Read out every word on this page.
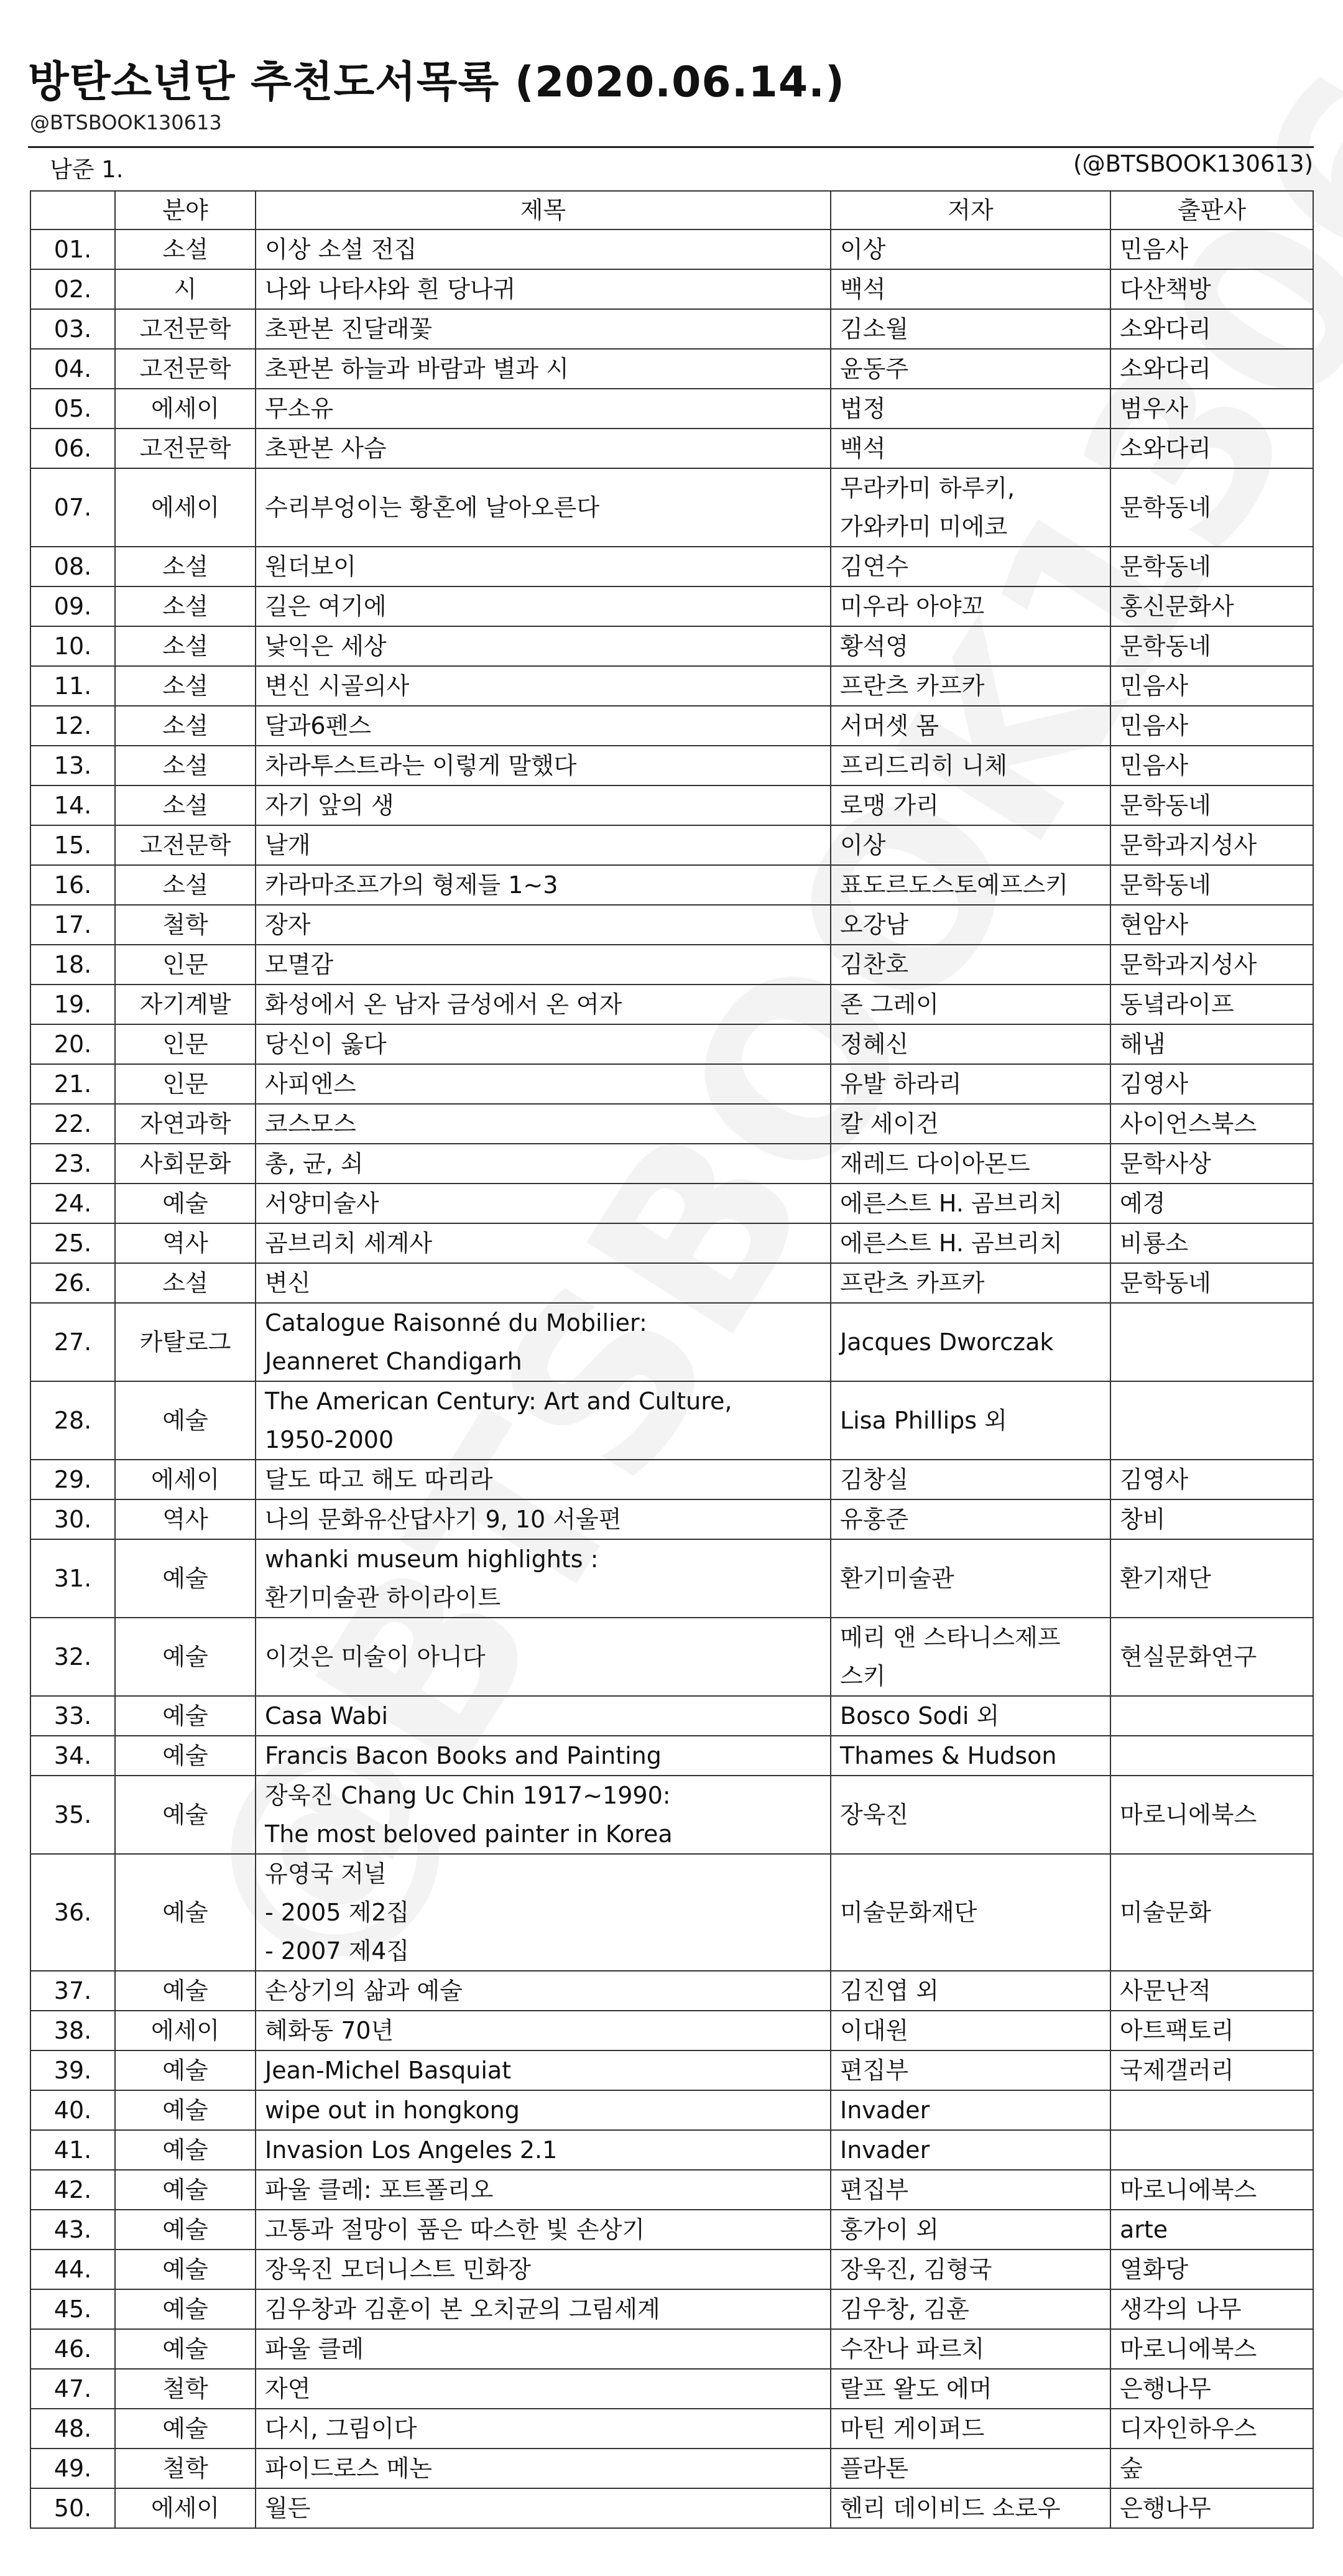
방탄소년단 추천도서목록 (2020.06.14.)
@BTSBOOK130613
남준 1.	(@BTSBOOK130613)
	분야	제목	저자	출판사
01.	소설	이상 소설 전집	이상	민음사
02.	시	나와 나타샤와 흰 당나귀	백석	다산책방
03.	고전문학	초판본 진달래꽃	김소월	소와다리
04.	고전문학	초판본 하늘과 바람과 별과 시	윤동주	소와다리
05.	에세이	무소유	법정	범우사
06.	고전문학	초판본 사슴	백석	소와다리
07.	에세이	수리부엉이는 황혼에 날아오른다	무라카미 하루키,
가와카미 미에코	문학동네
08.	소설	원더보이	김연수	문학동네
09.	소설	길은 여기에	미우라 아야꼬	홍신문화사
10.	소설	낯익은 세상	황석영	문학동네
11.	소설	변신 시골의사	프란츠 카프카	민음사
12.	소설	달과6펜스	서머셋 몸	민음사
13.	소설	차라투스트라는 이렇게 말했다	프리드리히 니체	민음사
14.	소설	자기 앞의 생	로맹 가리	문학동네
15.	고전문학	날개	이상	문학과지성사
16.	소설	카라마조프가의 형제들 1~3	표도르도스토예프스키	문학동네
17.	철학	장자	오강남	현암사
18.	인문	모멸감	김찬호	문학과지성사
19.	자기계발	화성에서 온 남자 금성에서 온 여자	존 그레이	동녘라이프
20.	인문	당신이 옳다	정혜신	해냄
21.	인문	사피엔스	유발 하라리	김영사
22.	자연과학	코스모스	칼 세이건	사이언스북스
23.	사회문화	총, 균, 쇠	재레드 다이아몬드	문학사상
24.	예술	서양미술사	에른스트 H. 곰브리치	예경
25.	역사	곰브리치 세계사	에른스트 H. 곰브리치	비룡소
26.	소설	변신	프란츠 카프카	문학동네
27.	카탈로그	Catalogue Raisonné du Mobilier:
Jeanneret Chandigarh	Jacques Dworczak	
28.	예술	The American Century: Art and Culture,
1950-2000	Lisa Phillips 외	
29.	에세이	달도 따고 해도 따리라	김창실	김영사
30.	역사	나의 문화유산답사기 9, 10 서울편	유홍준	창비
31.	예술	whanki museum highlights :
환기미술관 하이라이트	환기미술관	환기재단
32.	예술	이것은 미술이 아니다	메리 앤 스타니스제프
스키	현실문화연구
33.	예술	Casa Wabi	Bosco Sodi 외	
34.	예술	Francis Bacon Books and Painting	Thames & Hudson	
35.	예술	장욱진 Chang Uc Chin 1917~1990:
The most beloved painter in Korea	장욱진	마로니에북스
36.	예술	유영국 저널
- 2005 제2집
- 2007 제4집	미술문화재단	미술문화
37.	예술	손상기의 삶과 예술	김진엽 외	사문난적
38.	에세이	혜화동 70년	이대원	아트팩토리
39.	예술	Jean-Michel Basquiat	편집부	국제갤러리
40.	예술	wipe out in hongkong	Invader	
41.	예술	Invasion Los Angeles 2.1	Invader	
42.	예술	파울 클레: 포트폴리오	편집부	마로니에북스
43.	예술	고통과 절망이 품은 따스한 빛 손상기	홍가이 외	arte
44.	예술	장욱진 모더니스트 민화장	장욱진, 김형국	열화당
45.	예술	김우창과 김훈이 본 오치균의 그림세계	김우창, 김훈	생각의 나무
46.	예술	파울 클레	수잔나 파르치	마로니에북스
47.	철학	자연	랄프 왈도 에머	은행나무
48.	예술	다시, 그림이다	마틴 게이퍼드	디자인하우스
49.	철학	파이드로스 메논	플라톤	숲
50.	에세이	월든	헨리 데이비드 소로우	은행나무
